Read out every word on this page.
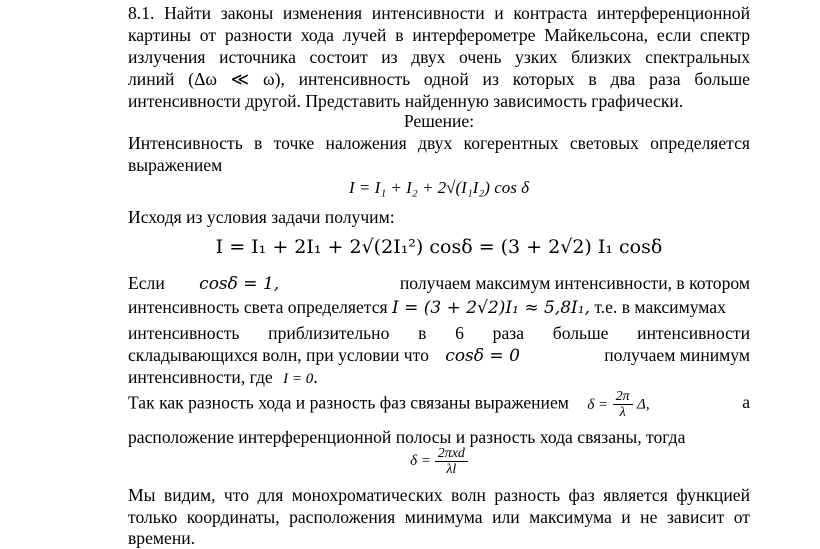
8.1. Найти законы изменения интенсивности и контраста интерференционной
картины от разности хода лучей в интерферометре Майкельсона, если спектр
излучения источника состоит из двух очень узких близких спектральных
линий (Δω ≪ ω), интенсивность одной из которых в два раза больше
интенсивности другой. Представить найденную зависимость графически.
Решение:
Интенсивность в точке наложения двух когерентных световых определяется
выражением
I = I₁ + I₂ + 2√(I₁I₂) cos δ
Исходя из условия задачи получим:
I = I₁ + 2I₁ + 2√(2I₁²) cosδ = (3 + 2√2) I₁ cosδ
Если cosδ = 1,	получаем максимум интенсивности, в котором
интенсивность света определяется I = (3 + 2√2)I₁ ≈ 5,8I₁, т.е. в максимумах
интенсивность приблизительно в 6 раза больше интенсивности
складывающихся волн, при условии что cosδ = 0	получаем минимум
интенсивности, где I = 0.
Так как разность хода и разность фаз связаны выражением $\delta = \frac{2\pi}{\lambda} \Delta$,	а
расположение интерференционной полосы и разность хода связаны, тогда
$\delta = \frac{\text{2πxd}}{\lambda l}$
Мы видим, что для монохроматических волн разность фаз является функцией
только координаты, расположения минимума или максимума и не зависит от
времени.
